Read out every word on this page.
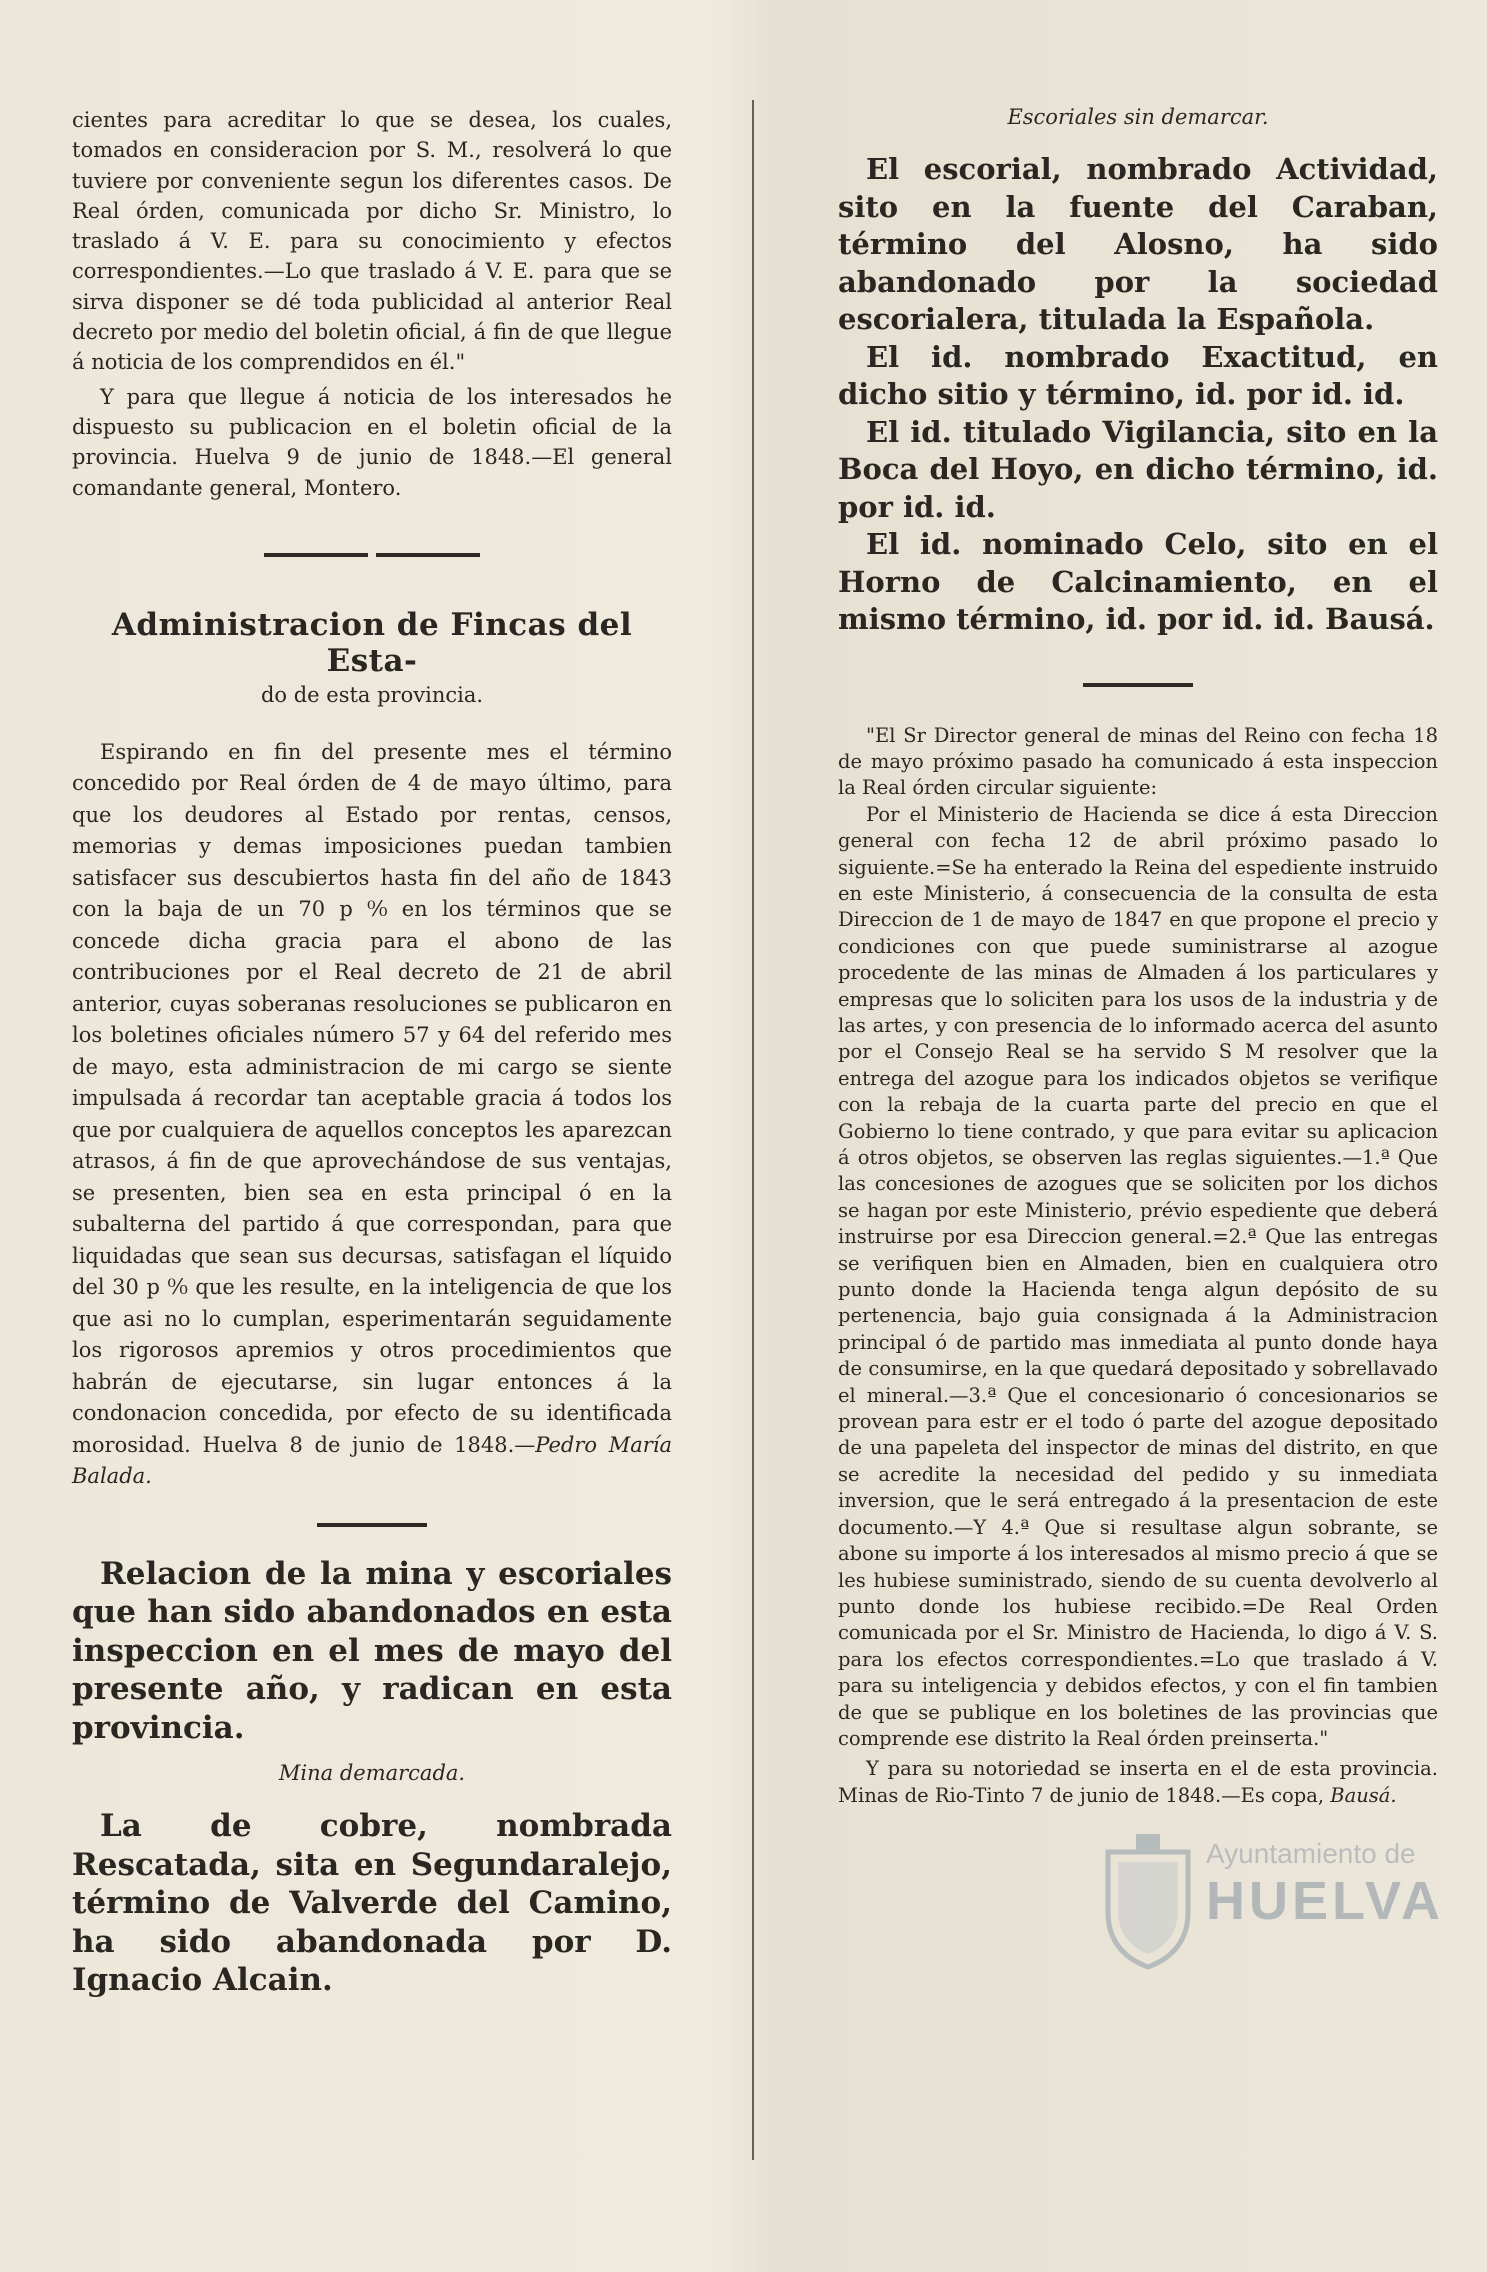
cientes para acreditar lo que se desea, los cuales, tomados en consideracion por S. M., resolverá lo que tuviere por conveniente segun los diferentes casos. De Real órden, comunicada por dicho Sr. Ministro, lo traslado á V. E. para su conocimiento y efectos correspondientes.—Lo que traslado á V. E. para que se sirva disponer se dé toda publicidad al anterior Real decreto por medio del boletin oficial, á fin de que llegue á noticia de los comprendidos en él."

Y para que llegue á noticia de los interesados he dispuesto su publicacion en el boletin oficial de la provincia. Huelva 9 de junio de 1848.—El general comandante general, Montero.

Administracion de Fincas del Esta-

do de esta provincia.

Espirando en fin del presente mes el término concedido por Real órden de 4 de mayo último, para que los deudores al Estado por rentas, censos, memorias y demas imposiciones puedan tambien satisfacer sus descubiertos hasta fin del año de 1843 con la baja de un 70 p ⁰⁄₀ en los términos que se concede dicha gracia para el abono de las contribuciones por el Real decreto de 21 de abril anterior, cuyas soberanas resoluciones se publicaron en los boletines oficiales número 57 y 64 del referido mes de mayo, esta administracion de mi cargo se siente impulsada á recordar tan aceptable gracia á todos los que por cualquiera de aquellos conceptos les aparezcan atrasos, á fin de que aprovechándose de sus ventajas, se presenten, bien sea en esta principal ó en la subalterna del partido á que correspondan, para que liquidadas que sean sus decursas, satisfagan el líquido del 30 p ⁰⁄₀ que les resulte, en la inteligencia de que los que asi no lo cumplan, esperimentarán seguidamente los rigorosos apremios y otros procedimientos que habrán de ejecutarse, sin lugar entonces á la condonacion concedida, por efecto de su identificada morosidad. Huelva 8 de junio de 1848.—Pedro María Balada.

Relacion de la mina y escoriales que han sido abandonados en esta inspeccion en el mes de mayo del presente año, y radican en esta provincia.

Mina demarcada.

La de cobre, nombrada Rescatada, sita en Segundaralejo, término de Valverde del Camino, ha sido abandonada por D. Ignacio Alcain.

Escoriales sin demarcar.

El escorial, nombrado Actividad, sito en la fuente del Caraban, término del Alosno, ha sido abandonado por la sociedad escorialera, titulada la Española.

El id. nombrado Exactitud, en dicho sitio y término, id. por id. id.

El id. titulado Vigilancia, sito en la Boca del Hoyo, en dicho término, id. por id. id.

El id. nominado Celo, sito en el Horno de Calcinamiento, en el mismo término, id. por id. id. Bausá.

"El Sr Director general de minas del Reino con fecha 18 de mayo próximo pasado ha comunicado á esta inspeccion la Real órden circular siguiente:

Por el Ministerio de Hacienda se dice á esta Direccion general con fecha 12 de abril próximo pasado lo siguiente.=Se ha enterado la Reina del espediente instruido en este Ministerio, á consecuencia de la consulta de esta Direccion de 1 de mayo de 1847 en que propone el precio y condiciones con que puede suministrarse al azogue procedente de las minas de Almaden á los particulares y empresas que lo soliciten para los usos de la industria y de las artes, y con presencia de lo informado acerca del asunto por el Consejo Real se ha servido S M resolver que la entrega del azogue para los indicados objetos se verifique con la rebaja de la cuarta parte del precio en que el Gobierno lo tiene contrado, y que para evitar su aplicacion á otros objetos, se observen las reglas siguientes.—1.ª Que las concesiones de azogues que se soliciten por los dichos se hagan por este Ministerio, prévio espediente que deberá instruirse por esa Direccion general.=2.ª Que las entregas se verifiquen bien en Almaden, bien en cualquiera otro punto donde la Hacienda tenga algun depósito de su pertenencia, bajo guia consignada á la Administracion principal ó de partido mas inmediata al punto donde haya de consumirse, en la que quedará depositado y sobrellavado el mineral.—3.ª Que el concesionario ó concesionarios se provean para estr er el todo ó parte del azogue depositado de una papeleta del inspector de minas del distrito, en que se acredite la necesidad del pedido y su inmediata inversion, que le será entregado á la presentacion de este documento.—Y 4.ª Que si resultase algun sobrante, se abone su importe á los interesados al mismo precio á que se les hubiese suministrado, siendo de su cuenta devolverlo al punto donde los hubiese recibido.=De Real Orden comunicada por el Sr. Ministro de Hacienda, lo digo á V. S. para los efectos correspondientes.=Lo que traslado á V. para su inteligencia y debidos efectos, y con el fin tambien de que se publique en los boletines de las provincias que comprende ese distrito la Real órden preinserta."

Y para su notoriedad se inserta en el de esta provincia. Minas de Rio-Tinto 7 de junio de 1848.—Es copa, Bausá.

Ayuntamiento de
HUELVA
